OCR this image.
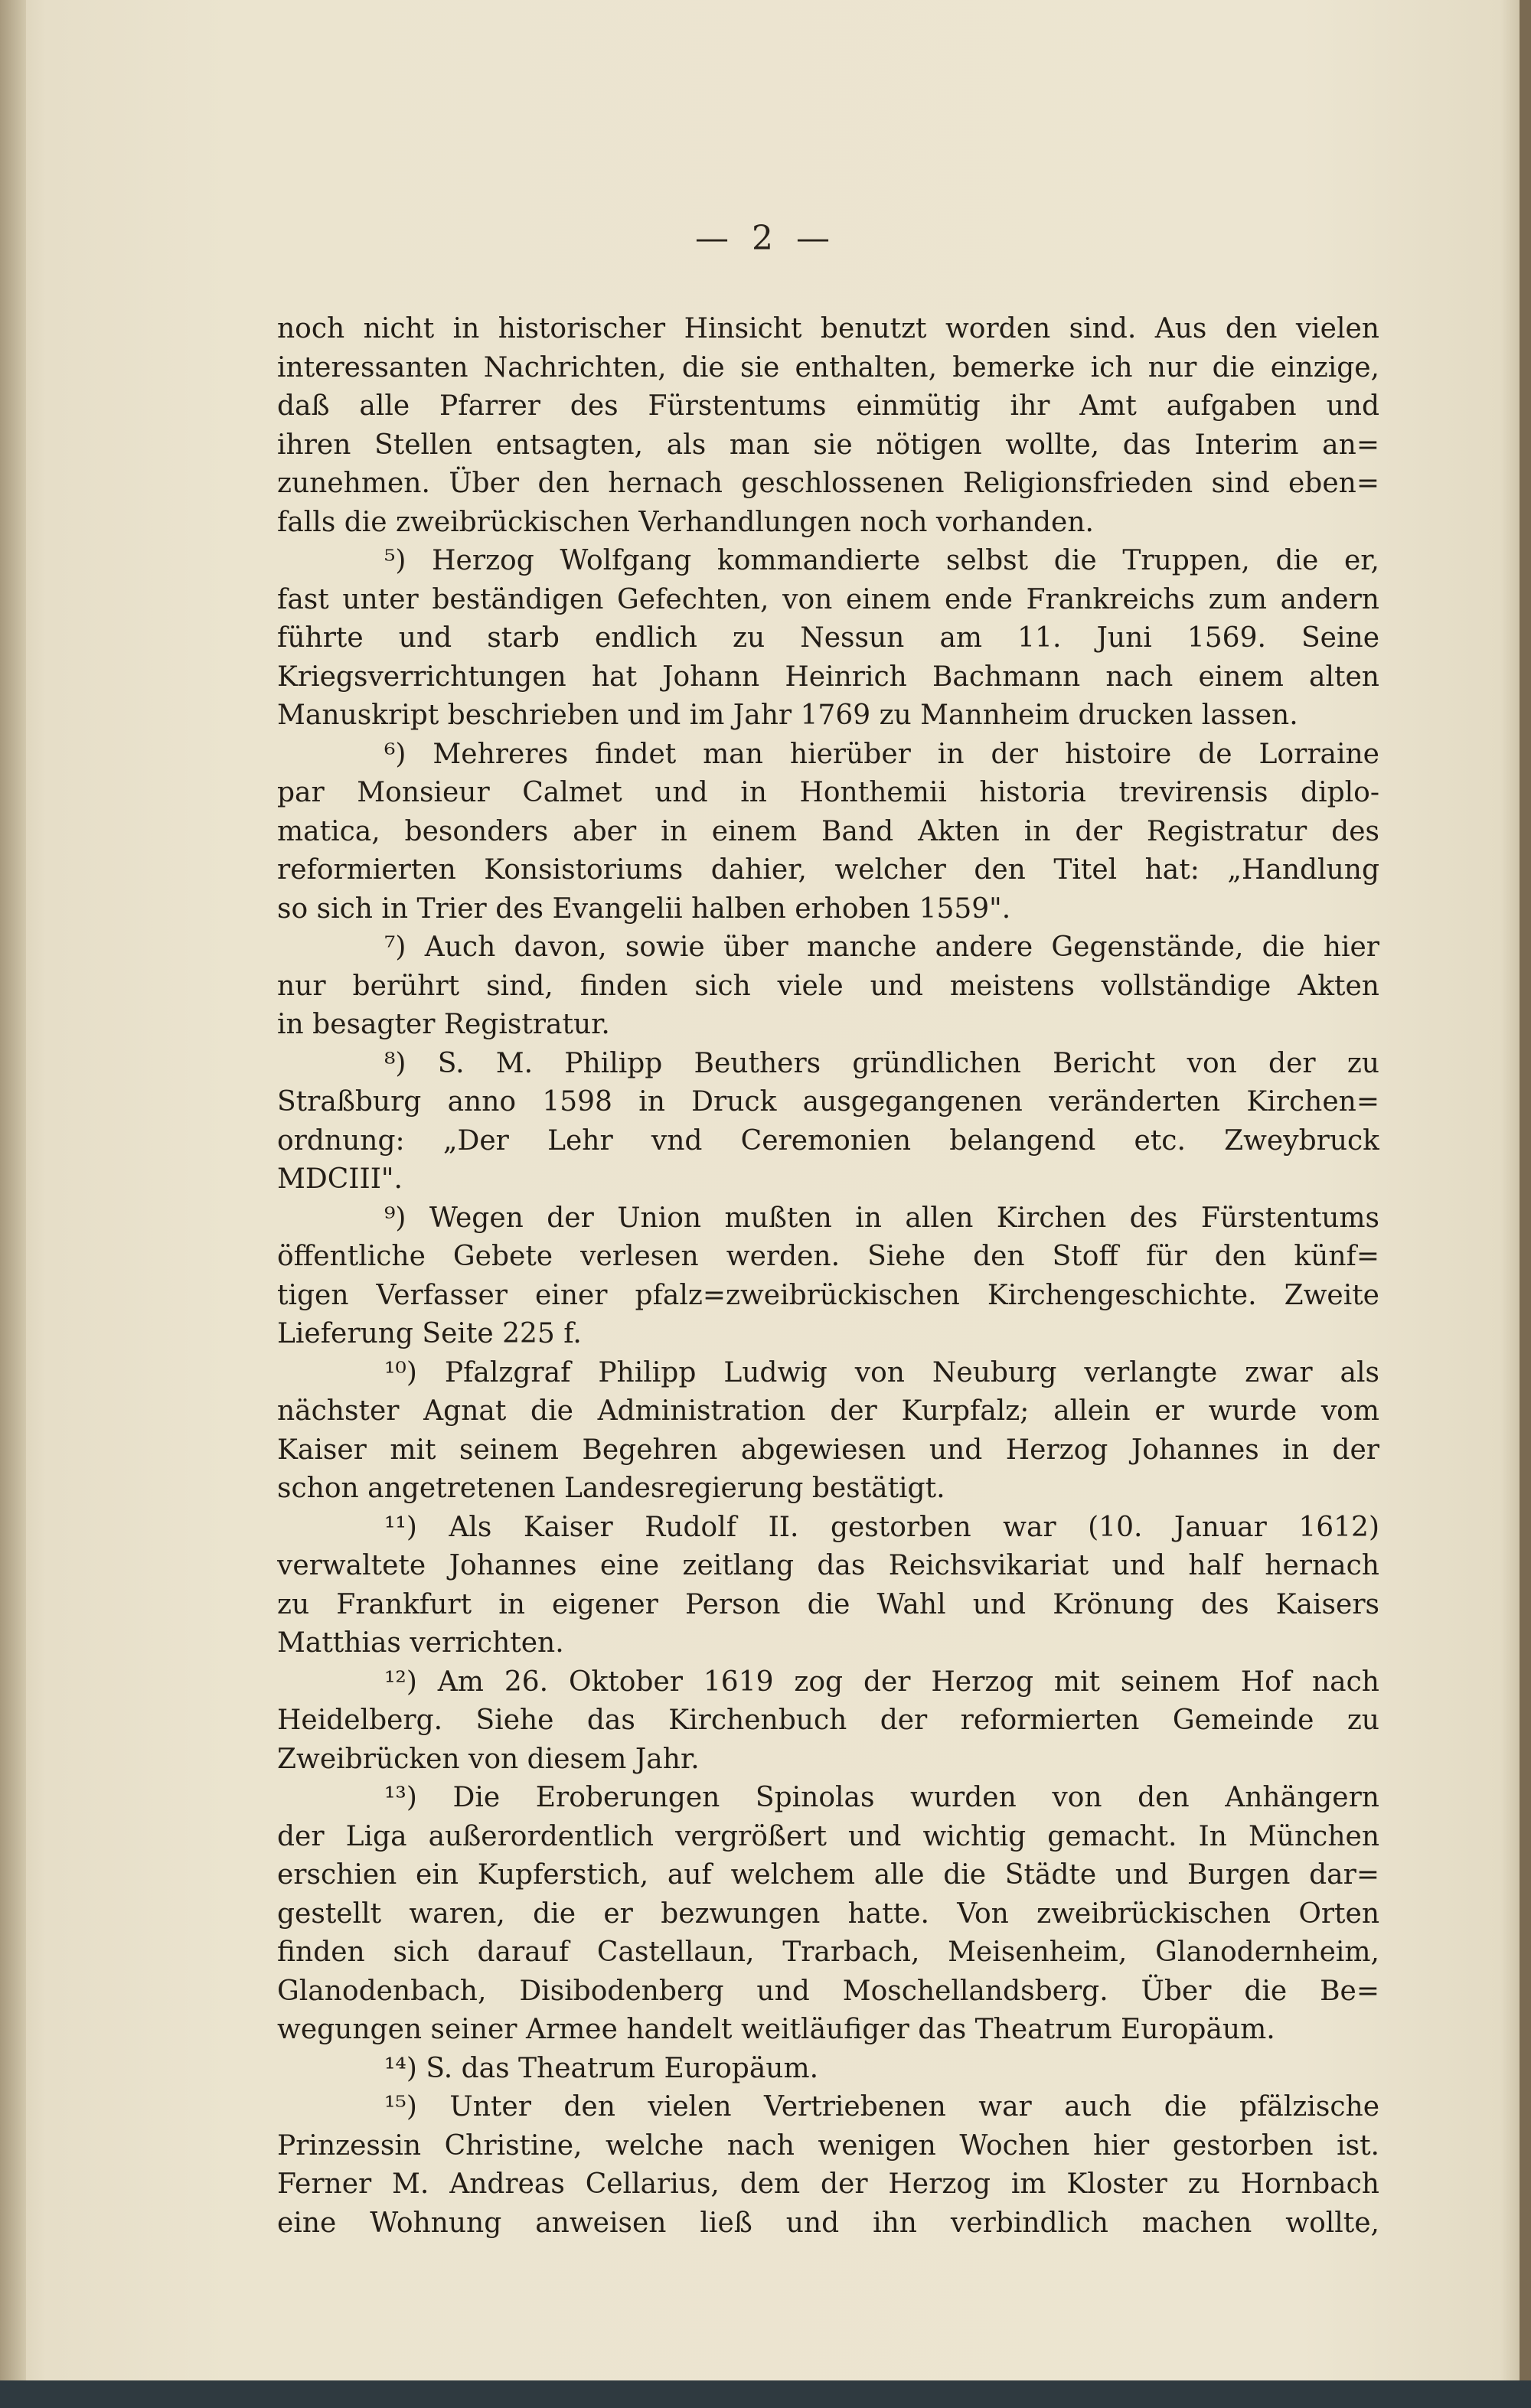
— 2 —
noch nicht in historischer Hinsicht benutzt worden sind. Aus den vielen
interessanten Nachrichten, die sie enthalten, bemerke ich nur die einzige,
daß alle Pfarrer des Fürstentums einmütig ihr Amt aufgaben und
ihren Stellen entsagten, als man sie nötigen wollte, das Interim an=
zunehmen. Über den hernach geschlossenen Religionsfrieden sind eben=
falls die zweibrückischen Verhandlungen noch vorhanden.
⁵) Herzog Wolfgang kommandierte selbst die Truppen, die er,
fast unter beständigen Gefechten, von einem ende Frankreichs zum andern
führte und starb endlich zu Nessun am 11. Juni 1569. Seine
Kriegsverrichtungen hat Johann Heinrich Bachmann nach einem alten
Manuskript beschrieben und im Jahr 1769 zu Mannheim drucken lassen.
⁶) Mehreres findet man hierüber in der histoire de Lorraine
par Monsieur Calmet und in Honthemii historia trevirensis diplo-
matica, besonders aber in einem Band Akten in der Registratur des
reformierten Konsistoriums dahier, welcher den Titel hat: „Handlung
so sich in Trier des Evangelii halben erhoben 1559".
⁷) Auch davon, sowie über manche andere Gegenstände, die hier
nur berührt sind, finden sich viele und meistens vollständige Akten
in besagter Registratur.
⁸) S. M. Philipp Beuthers gründlichen Bericht von der zu
Straßburg anno 1598 in Druck ausgegangenen veränderten Kirchen=
ordnung: „Der Lehr vnd Ceremonien belangend etc. Zweybruck
MDCIII".
⁹) Wegen der Union mußten in allen Kirchen des Fürstentums
öffentliche Gebete verlesen werden. Siehe den Stoff für den künf=
tigen Verfasser einer pfalz=zweibrückischen Kirchengeschichte. Zweite
Lieferung Seite 225 f.
¹⁰) Pfalzgraf Philipp Ludwig von Neuburg verlangte zwar als
nächster Agnat die Administration der Kurpfalz; allein er wurde vom
Kaiser mit seinem Begehren abgewiesen und Herzog Johannes in der
schon angetretenen Landesregierung bestätigt.
¹¹) Als Kaiser Rudolf II. gestorben war (10. Januar 1612)
verwaltete Johannes eine zeitlang das Reichsvikariat und half hernach
zu Frankfurt in eigener Person die Wahl und Krönung des Kaisers
Matthias verrichten.
¹²) Am 26. Oktober 1619 zog der Herzog mit seinem Hof nach
Heidelberg. Siehe das Kirchenbuch der reformierten Gemeinde zu
Zweibrücken von diesem Jahr.
¹³) Die Eroberungen Spinolas wurden von den Anhängern
der Liga außerordentlich vergrößert und wichtig gemacht. In München
erschien ein Kupferstich, auf welchem alle die Städte und Burgen dar=
gestellt waren, die er bezwungen hatte. Von zweibrückischen Orten
finden sich darauf Castellaun, Trarbach, Meisenheim, Glanodernheim,
Glanodenbach, Disibodenberg und Moschellandsberg. Über die Be=
wegungen seiner Armee handelt weitläufiger das Theatrum Europäum.
¹⁴) S. das Theatrum Europäum.
¹⁵) Unter den vielen Vertriebenen war auch die pfälzische
Prinzessin Christine, welche nach wenigen Wochen hier gestorben ist.
Ferner M. Andreas Cellarius, dem der Herzog im Kloster zu Hornbach
eine Wohnung anweisen ließ und ihn verbindlich machen wollte,
